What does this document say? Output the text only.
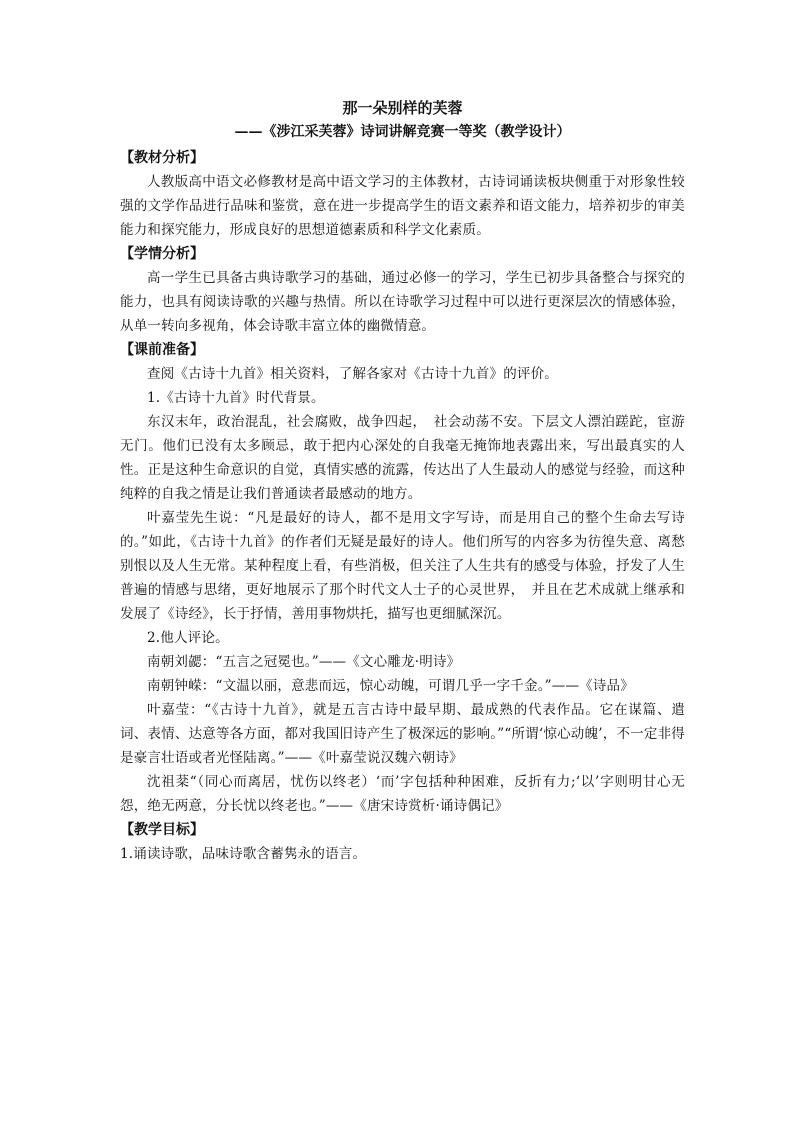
那一朵别样的芙蓉

——《涉江采芙蓉》诗词讲解竞赛一等奖（教学设计）

【教材分析】

人教版高中语文必修教材是高中语文学习的主体教材，古诗词诵读板块侧重于对形象性较强的文学作品进行品味和鉴赏，意在进一步提高学生的语文素养和语文能力，培养初步的审美能力和探究能力，形成良好的思想道德素质和科学文化素质。

【学情分析】

高一学生已具备古典诗歌学习的基础，通过必修一的学习，学生已初步具备整合与探究的能力，也具有阅读诗歌的兴趣与热情。所以在诗歌学习过程中可以进行更深层次的情感体验，从单一转向多视角，体会诗歌丰富立体的幽微情意。

【课前准备】

查阅《古诗十九首》相关资料，了解各家对《古诗十九首》的评价。

1.《古诗十九首》时代背景。

东汉末年，政治混乱，社会腐败，战争四起，　社会动荡不安。下层文人漂泊蹉跎，宦游无门。他们已没有太多顾忌，敢于把内心深处的自我毫无掩饰地表露出来，写出最真实的人性。正是这种生命意识的自觉，真情实感的流露，传达出了人生最动人的感觉与经验，而这种纯粹的自我之情是让我们普通读者最感动的地方。

叶嘉莹先生说：“凡是最好的诗人，都不是用文字写诗，而是用自己的整个生命去写诗的。”如此，《古诗十九首》的作者们无疑是最好的诗人。他们所写的内容多为彷徨失意、离愁别恨以及人生无常。某种程度上看，有些消极，但关注了人生共有的感受与体验，抒发了人生普遍的情感与思绪，更好地展示了那个时代文人士子的心灵世界，　并且在艺术成就上继承和发展了《诗经》，长于抒情，善用事物烘托，描写也更细腻深沉。

2.他人评论。

南朝刘勰：“五言之冠冕也。”——《文心雕龙·明诗》

南朝钟嵘：“文温以丽，意悲而远，惊心动魄，可谓几乎一字千金。”——《诗品》

叶嘉莹：“《古诗十九首》，就是五言古诗中最早期、最成熟的代表作品。它在谋篇、遣词、表情、达意等各方面，都对我国旧诗产生了极深远的影响。”“所谓‘惊心动魄’，不一定非得是豪言壮语或者光怪陆离。”——《叶嘉莹说汉魏六朝诗》

沈祖棻“（同心而离居，忧伤以终老）‘而’字包括种种困难，反折有力;‘以’字则明甘心无怨，绝无两意，分长忧以终老也。”——《唐宋诗赏析·诵诗偶记》

【教学目标】

1.诵读诗歌，品味诗歌含蓄隽永的语言。
